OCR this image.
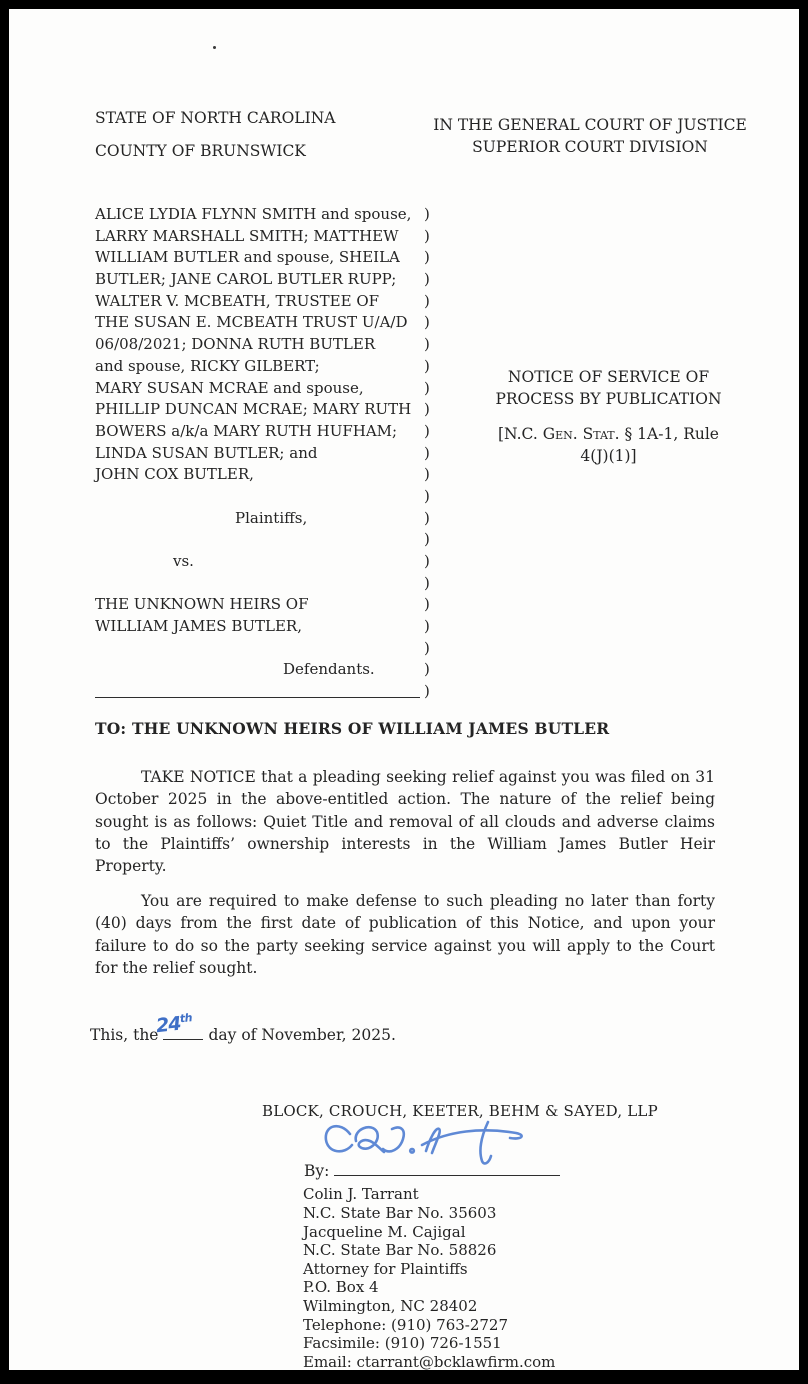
STATE OF NORTH CAROLINA

COUNTY OF BRUNSWICK

IN THE GENERAL COURT OF JUSTICE
SUPERIOR COURT DIVISION
ALICE LYDIA FLYNN SMITH and spouse,
LARRY MARSHALL SMITH; MATTHEW
WILLIAM BUTLER and spouse, SHEILA
BUTLER; JANE CAROL BUTLER RUPP;
WALTER V. MCBEATH, TRUSTEE OF
THE SUSAN E. MCBEATH TRUST U/A/D
06/08/2021; DONNA RUTH BUTLER
and spouse, RICKY GILBERT;
MARY SUSAN MCRAE and spouse,
PHILLIP DUNCAN MCRAE; MARY RUTH
BOWERS a/k/a MARY RUTH HUFHAM;
LINDA SUSAN BUTLER; and
JOHN COX BUTLER,
Plaintiffs,
vs.
THE UNKNOWN HEIRS OF
WILLIAM JAMES BUTLER,
Defendants.
)
)
)
)
)
)
)
)
)
)
)
)
)
)
)
)
)
)
)
)
)
)
)
NOTICE OF SERVICE OF
PROCESS BY PUBLICATION
[N.C. Gen. Stat. § 1A-1, Rule
4(J)(1)]
TO: THE UNKNOWN HEIRS OF WILLIAM JAMES BUTLER

TAKE NOTICE that a pleading seeking relief against you was filed on 31 October 2025 in the above-entitled action. The nature of the relief being sought is as follows: Quiet Title and removal of all clouds and adverse claims to the Plaintiffs’ ownership interests in the William James Butler Heir Property.

You are required to make defense to such pleading no later than forty (40) days from the first date of publication of this Notice, and upon your failure to do so the party seeking service against you will apply to the Court for the relief sought.

This, the
24th
day of November, 2025.
BLOCK, CROUCH, KEETER, BEHM & SAYED, LLP
By:
Colin J. Tarrant
N.C. State Bar No. 35603
Jacqueline M. Cajigal
N.C. State Bar No. 58826
Attorney for Plaintiffs
P.O. Box 4
Wilmington, NC 28402
Telephone: (910) 763-2727
Facsimile: (910) 726-1551
Email: ctarrant@bcklawfirm.com
Email: jcajigal@bcklawfirm.com
